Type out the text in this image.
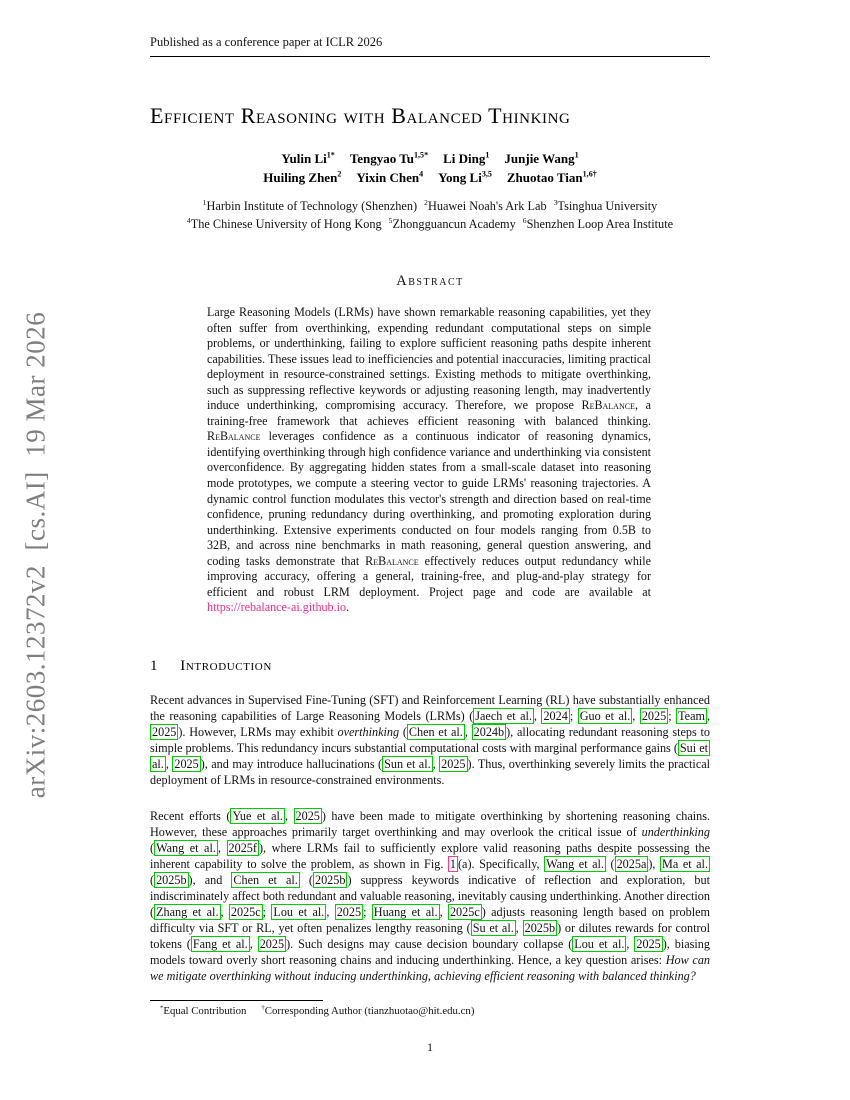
arXiv:2603.12372v2  [cs.AI]  19 Mar 2026
Published as a conference paper at ICLR 2026
Efficient Reasoning with Balanced Thinking
Yulin $Li^{1*}$ Tengyao $Tu^{1,5*}$ Li Ding$^1$ Junjie Wang$^1$
Huiling Zhen$^2$ Yixin Chen$^4$ Yong Li$^{3,5}$ Zhuotao Tian$^{1,6\dagger}$
$^1$Harbin Institute of Technology (Shenzhen) $^2$Huawei Noah's Ark Lab $^3$Tsinghua University
$^4$The Chinese University of Hong Kong $^5$Zhongguancun Academy $^6$Shenzhen Loop Area Institute
Abstract
Large Reasoning Models (LRMs) have shown remarkable reasoning capabilities, yet they often suffer from overthinking, expending redundant computational steps on simple problems, or underthinking, failing to explore sufficient reasoning paths despite inherent capabilities. These issues lead to inefficiencies and potential inaccuracies, limiting practical deployment in resource-constrained settings. Existing methods to mitigate overthinking, such as suppressing reflective keywords or adjusting reasoning length, may inadvertently induce underthinking, compromising accuracy. Therefore, we propose ReBalance, a training-free framework that achieves efficient reasoning with balanced thinking. ReBalance leverages confidence as a continuous indicator of reasoning dynamics, identifying overthinking through high confidence variance and underthinking via consistent overconfidence. By aggregating hidden states from a small-scale dataset into reasoning mode prototypes, we compute a steering vector to guide LRMs' reasoning trajectories. A dynamic control function modulates this vector's strength and direction based on real-time confidence, pruning redundancy during overthinking, and promoting exploration during underthinking. Extensive experiments conducted on four models ranging from 0.5B to 32B, and across nine benchmarks in math reasoning, general question answering, and coding tasks demonstrate that ReBalance effectively reduces output redundancy while improving accuracy, offering a general, training-free, and plug-and-play strategy for efficient and robust LRM deployment. Project page and code are available at https://rebalance-ai.github.io.
1 Introduction
Recent advances in Supervised Fine-Tuning (SFT) and Reinforcement Learning (RL) have substantially enhanced the reasoning capabilities of Large Reasoning Models (LRMs) ( Jaech et al. , 2024 ; Guo et al. , 2025 ; Team , 2025 ). However, LRMs may exhibit overthinking ( Chen et al. , 2024b ), allocating redundant reasoning steps to simple problems. This redundancy incurs substantial computational costs with marginal performance gains ( Sui et al. , 2025 ), and may introduce hallucinations ( Sun et al. , 2025 ). Thus, overthinking severely limits the practical deployment of LRMs in resource-constrained environments.
Recent efforts ( Yue et al. , 2025 ) have been made to mitigate overthinking by shortening reasoning chains. However, these approaches primarily target overthinking and may overlook the critical issue of underthinking ( Wang et al. , 2025f ), where LRMs fail to sufficiently explore valid reasoning paths despite possessing the inherent capability to solve the problem, as shown in Fig. 1 (a). Specifically, Wang et al. ( 2025a ), Ma et al. ( 2025b ), and Chen et al. ( 2025b ) suppress keywords indicative of reflection and exploration, but indiscriminately affect both redundant and valuable reasoning, inevitably causing underthinking. Another direction ( Zhang et al. , 2025c ; Lou et al. , 2025 ; Huang et al. , 2025c ) adjusts reasoning length based on problem difficulty via SFT or RL, yet often penalizes lengthy reasoning ( Su et al. , 2025b ) or dilutes rewards for control tokens ( Fang et al. , 2025 ). Such designs may cause decision boundary collapse ( Lou et al. , 2025 ), biasing models toward overly short reasoning chains and inducing underthinking. Hence, a key question arises: How can we mitigate overthinking without inducing underthinking, achieving efficient reasoning with balanced thinking?
*Equal Contribution †Corresponding Author (tianzhuotao@hit.edu.cn)
1
